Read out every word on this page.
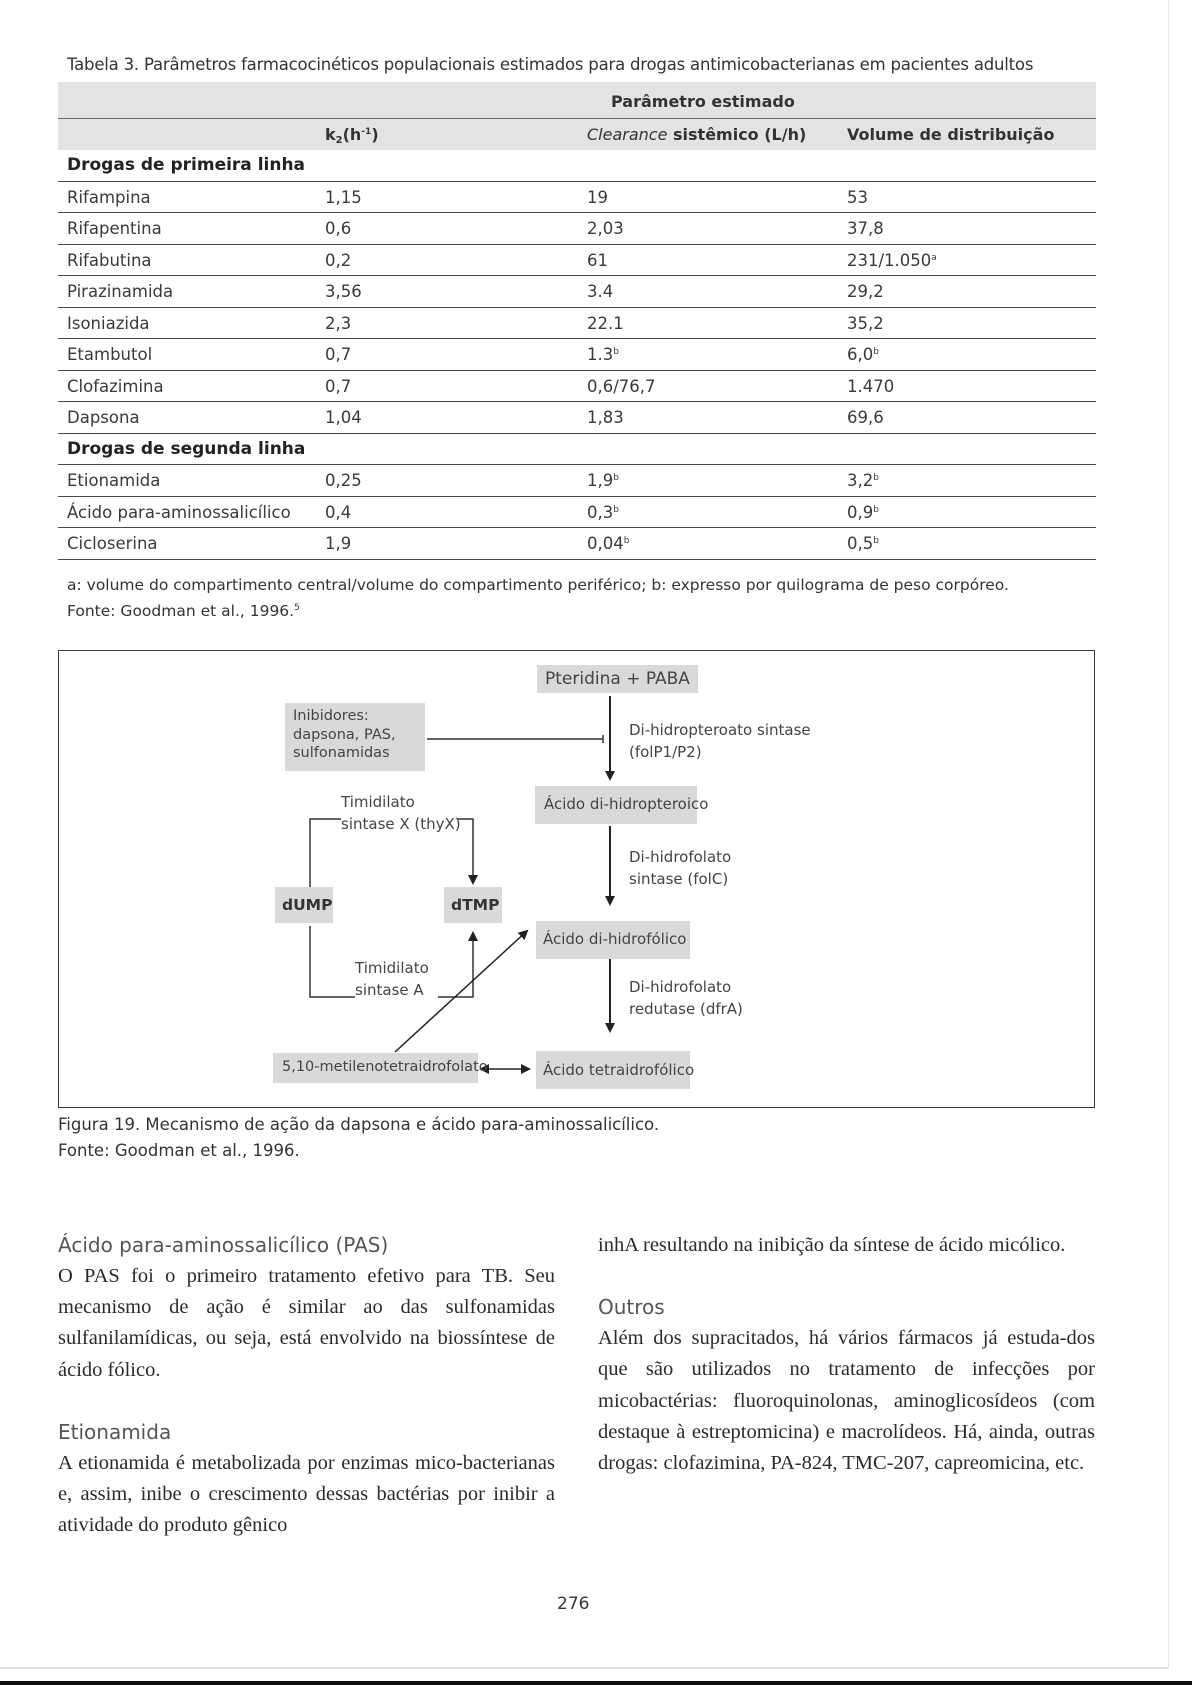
Tabela 3. Parâmetros farmacocinéticos populacionais estimados para drogas antimicobacterianas em pacientes adultos
Parâmetro estimado
$k_2(h^{-1})$	Clearance sistêmico (L/h)	Volume de distribuição
Drogas de primeira linha
Rifampina	1,15	19	53
Rifapentina	0,6	2,03	37,8
Rifabutina	0,2	61	231/1.050$^a$
Pirazinamida	3,56	3.4	29,2
Isoniazida	2,3	22.1	35,2
Etambutol	0,7	1.3$^b$	6,0$^b$
Clofazimina	0,7	0,6/76,7	1.470
Dapsona	1,04	1,83	69,6
Drogas de segunda linha
Etionamida	0,25	1,9$^b$	3,2$^b$
Ácido para-aminossalicílico 0,4	0,3$^b$	0,9$^b$
Cicloserina	1,9	0,04$^b$	0,5$^b$
a: volume do compartimento central/volume do compartimento periférico; b: expresso por quilograma de peso corpóreo.
Fonte: Goodman et al., 1996.$^5$
Pteridina + PABA
Inibidores:
dapsona, PAS,
sulfonamidas
Di-hidropteroato sintase
(folP1/P2)
Ácido di-hidropteroico
Timidilato
sintase X (thyX)
dUMP	dTMP
Di-hidrofolato
sintase (folC)
Ácido di-hidrofólico
Timidilato
sintase A	Di-hidrofolato
redutase (dfrA)
5,10-metilenotetraidrofolato	Ácido tetraidrofólico
Figura 19. Mecanismo de ação da dapsona e ácido para-aminossalicílico.
Fonte: Goodman et al., 1996.
Ácido para-aminossalicílico (PAS)

O PAS foi o primeiro tratamento efetivo para TB. Seu mecanismo de ação é similar ao das sulfonamidas sulfanilamídicas, ou seja, está envolvido na biossíntese de ácido fólico.

Etionamida

A etionamida é metabolizada por enzimas mico-bacterianas e, assim, inibe o crescimento dessas bactérias por inibir a atividade do produto gênico

inhA resultando na inibição da síntese de ácido micólico.

Outros

Além dos supracitados, há vários fármacos já estuda-dos que são utilizados no tratamento de infecções por micobactérias: fluoroquinolonas, aminoglicosídeos (com destaque à estreptomicina) e macrolídeos. Há, ainda, outras drogas: clofazimina, PA-824, TMC-207, capreomicina, etc.

276
